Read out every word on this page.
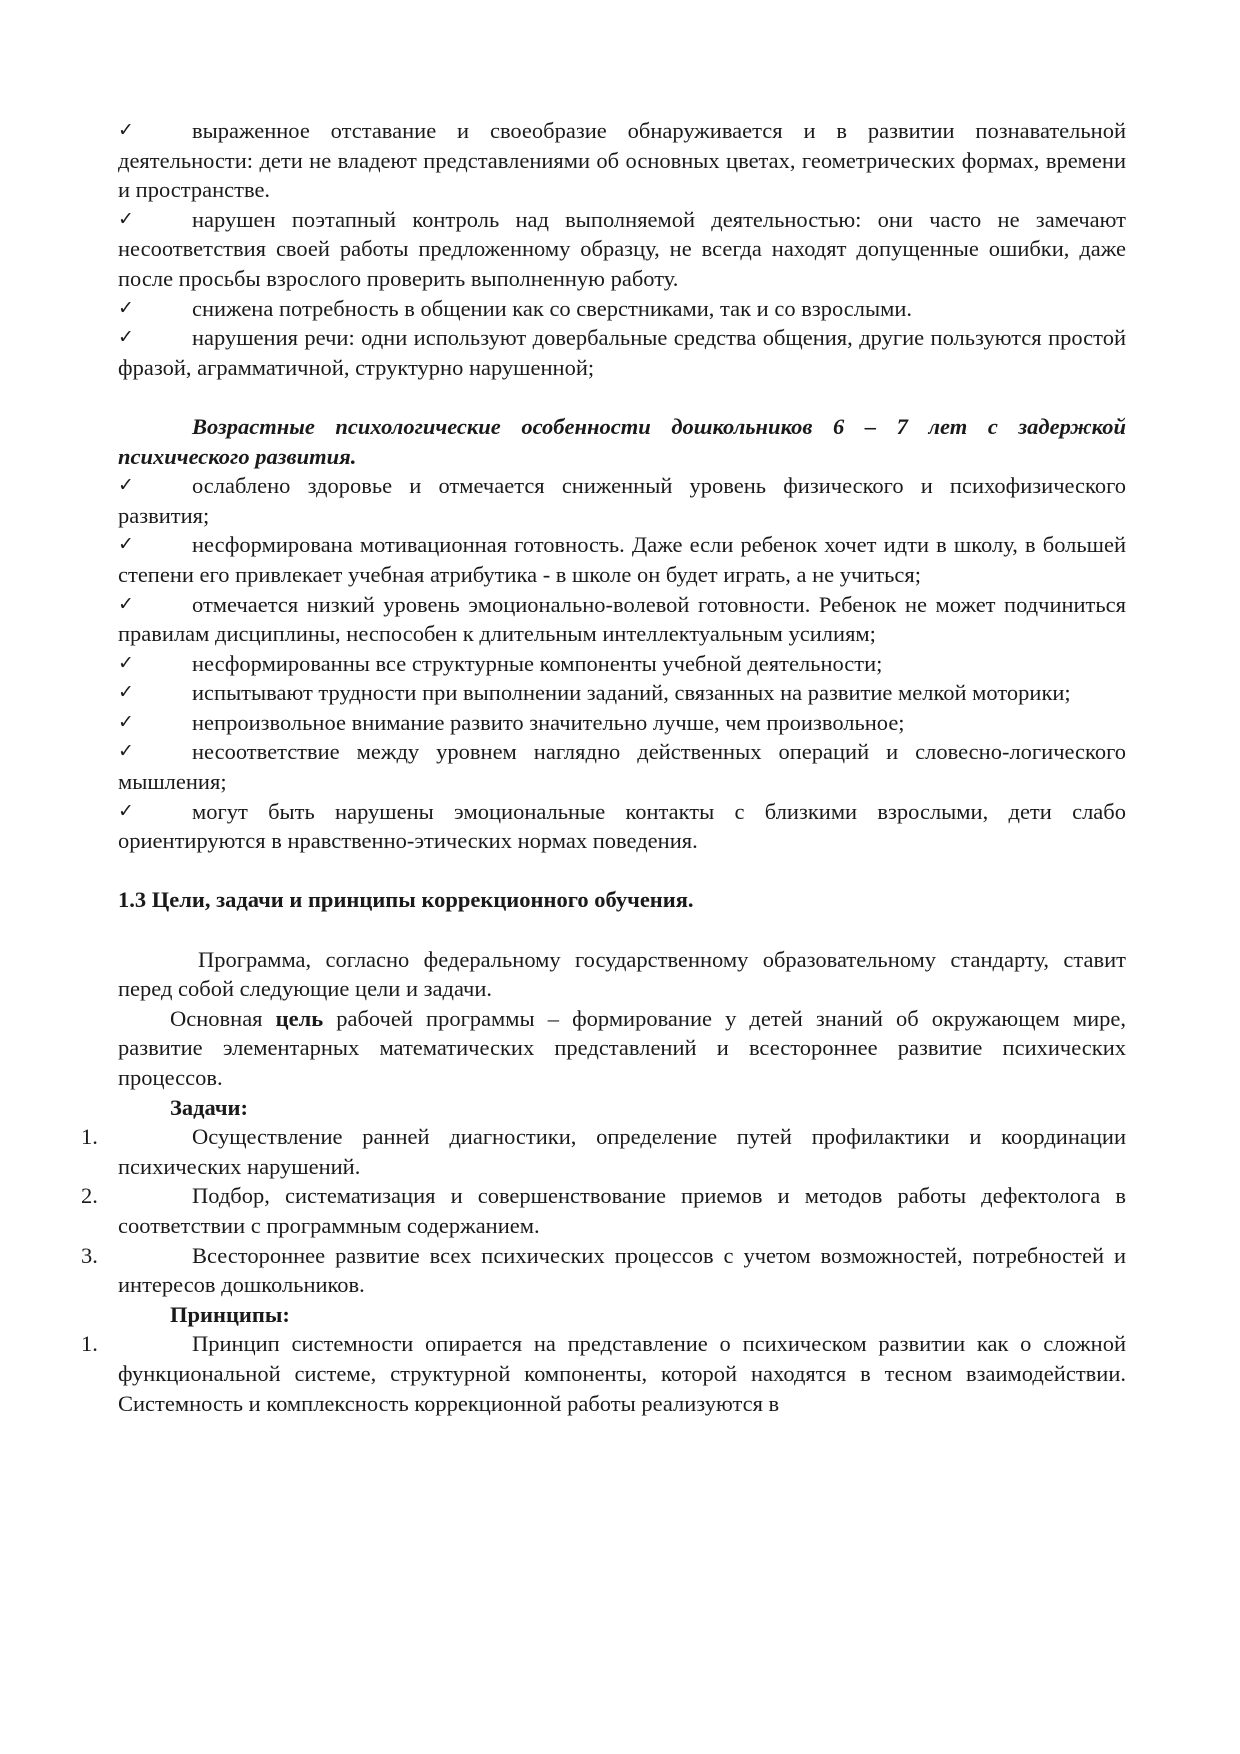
✓	выраженное отставание и своеобразие обнаруживается и в развитии познавательной деятельности: дети не владеют представлениями об основных цветах, геометрических формах, времени и пространстве.

✓	нарушен поэтапный контроль над выполняемой деятельностью: они часто не замечают несоответствия своей работы предложенному образцу, не всегда находят допущенные ошибки, даже после просьбы взрослого проверить выполненную работу.

✓	снижена потребность в общении как со сверстниками, так и со взрослыми.

✓	нарушения речи: одни используют довербальные средства общения, другие пользуются простой фразой, аграмматичной, структурно нарушенной;

Возрастные психологические особенности дошкольников 6 – 7 лет с задержкой психического развития.

✓	ослаблено здоровье и отмечается сниженный уровень физического и психофизического развития;

✓	несформирована мотивационная готовность. Даже если ребенок хочет идти в школу, в большей степени его привлекает учебная атрибутика - в школе он будет играть, а не учиться;

✓	отмечается низкий уровень эмоционально-волевой готовности. Ребенок не может подчиниться правилам дисциплины, неспособен к длительным интеллектуальным усилиям;

✓	несформированны все структурные компоненты учебной деятельности;

✓	испытывают трудности при выполнении заданий, связанных на развитие мелкой моторики;

✓	непроизвольное внимание развито значительно лучше, чем произвольное;

✓	несоответствие между уровнем наглядно действенных операций и словесно-логического мышления;

✓	могут быть нарушены эмоциональные контакты с близкими взрослыми, дети слабо ориентируются в нравственно-этических нормах поведения.

1.3 Цели, задачи и принципы коррекционного обучения.

Программа, согласно федеральному государственному образовательному стандарту, ставит перед собой следующие цели и задачи.

Основная цель рабочей программы – формирование у детей знаний об окружающем мире, развитие элементарных математических представлений и всестороннее развитие психических процессов.

Задачи:

1.	Осуществление ранней диагностики, определение путей профилактики и координации психических нарушений.

2.	Подбор, систематизация и совершенствование приемов и методов работы дефектолога в соответствии с программным содержанием.

3.	Всестороннее развитие всех психических процессов с учетом возможностей, потребностей и интересов дошкольников.

Принципы:

1.	Принцип системности опирается на представление о психическом развитии как о сложной функциональной системе, структурной компоненты, которой находятся в тесном взаимодействии. Системность и комплексность коррекционной работы реализуются в
